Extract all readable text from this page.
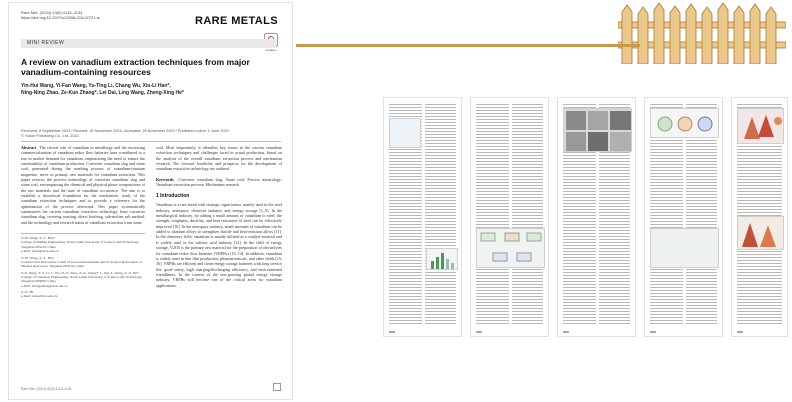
Rare Met. (2024) 43(9):4119–4131
https://doi.org/10.1007/s12598-024-02721-w	RARE METALS
updates
MINI REVIEW
A review on vanadium extraction techniques from major vanadium-containing resources
Yin-Hui Wang, Yi-Fan Wang, Yu-Ting Li, Chang Wu, Xiu-Li Han*,
Ning-Ning Zhao, Ze-Kun Zhang*, Lei Dai, Ling Wang, Zheng-Xing He*
Received: 8 September 2023 / Revised: 15 November 2023 / Accepted: 28 November 2023 / Published online: 1 June 2024
© Youke Publishing Co., Ltd. 2024

Abstract The critical role of vanadium in metallurgy and the increasing commercialization of vanadium redox flow batteries have contributed to a rise in market demand for vanadium, emphasizing the need to ensure the sustainability of vanadium production. Converter vanadium slag and stone coal, generated during the smelting process of vanadium-titanium magnetite, serve as primary raw materials for vanadium extraction. This paper reviews the process mineralogy of converter vanadium slag and stone coal, encompassing the chemical and physical phase compositions of the raw materials and the state of vanadium occurrence. The aim is to establish a theoretical foundation for the mechanistic study of the vanadium extraction techniques and to provide a reference for the optimization of the process afterward. This paper systematically summarizes the current vanadium extraction technology from converter vanadium slag, covering roasting, direct leaching, sub-molten salt method, and the technology and research status of vanadium extraction from stone

Y.-H. Wang, X.-L. Han*
College of Mining Engineering, North China University of Science and Technology, Tangshan 063210, China
e-mail: hanxl@ncst.edu.cn

Y.-H. Wang, X.-L. Han
Collaborative Innovation Center of Green Development and Ecological Restoration of Mineral Resources, Tangshan 063210, China

Y.-F. Wang, Y.-T. Li, C. Wu, N.-N. Zhao, Z.-K. Zhang*, L. Dai, L. Wang, Z.-X. He*
College of Chemical Engineering, North China University of Science and Technology, Tangshan 063009, China
e-mail: zhangzekun@ncst.edu.cn

Z.-X. He
e-mail: zxhe@ncst.edu.cn

coal. Most importantly, it identifies key issues in the current vanadium extraction techniques and challenges faced in actual production, based on the analysis of the overall vanadium extraction process and mechanism research. The forward feasibility and prospects for the development of vanadium extraction technology are outlined.

Keywords Converter vanadium slag; Stone coal; Process mineralogy; Vanadium extraction process; Mechanism research

1 Introduction

Vanadium is a rare metal with strategic significance, mainly used in the steel industry, aerospace, chemical industry, and energy storage [1–9]. In the metallurgical industry, by adding a small amount of vanadium to steel, the strength, toughness, ductility, and heat resistance of steel can be effectively improved [10]. In the aerospace industry, small amounts of vanadium can be added to titanium alloys to strengthen ductile and heat-resistant alloys [11]. In the chemistry field, vanadium is mainly utilized as a catalyst material and is widely used in the sulfuric acid industry [12]. In the field of energy storage, V2O5 is the primary raw material for the preparation of electrolytes for vanadium redox flow batteries (VRFBs) [13, 14]. In addition, vanadium is widely used in thin film production, pharmaceuticals, and other fields [15, 16]. VRFBs are efficient and clean energy storage batteries with long service life, good safety, high charging/discharging efficiency, and environmental friendliness. In the context of the fast-growing global energy storage industry, VRFBs will become one of the critical areas for vanadium applications.

Rare Met. (2024) 43(9):4119–4131
